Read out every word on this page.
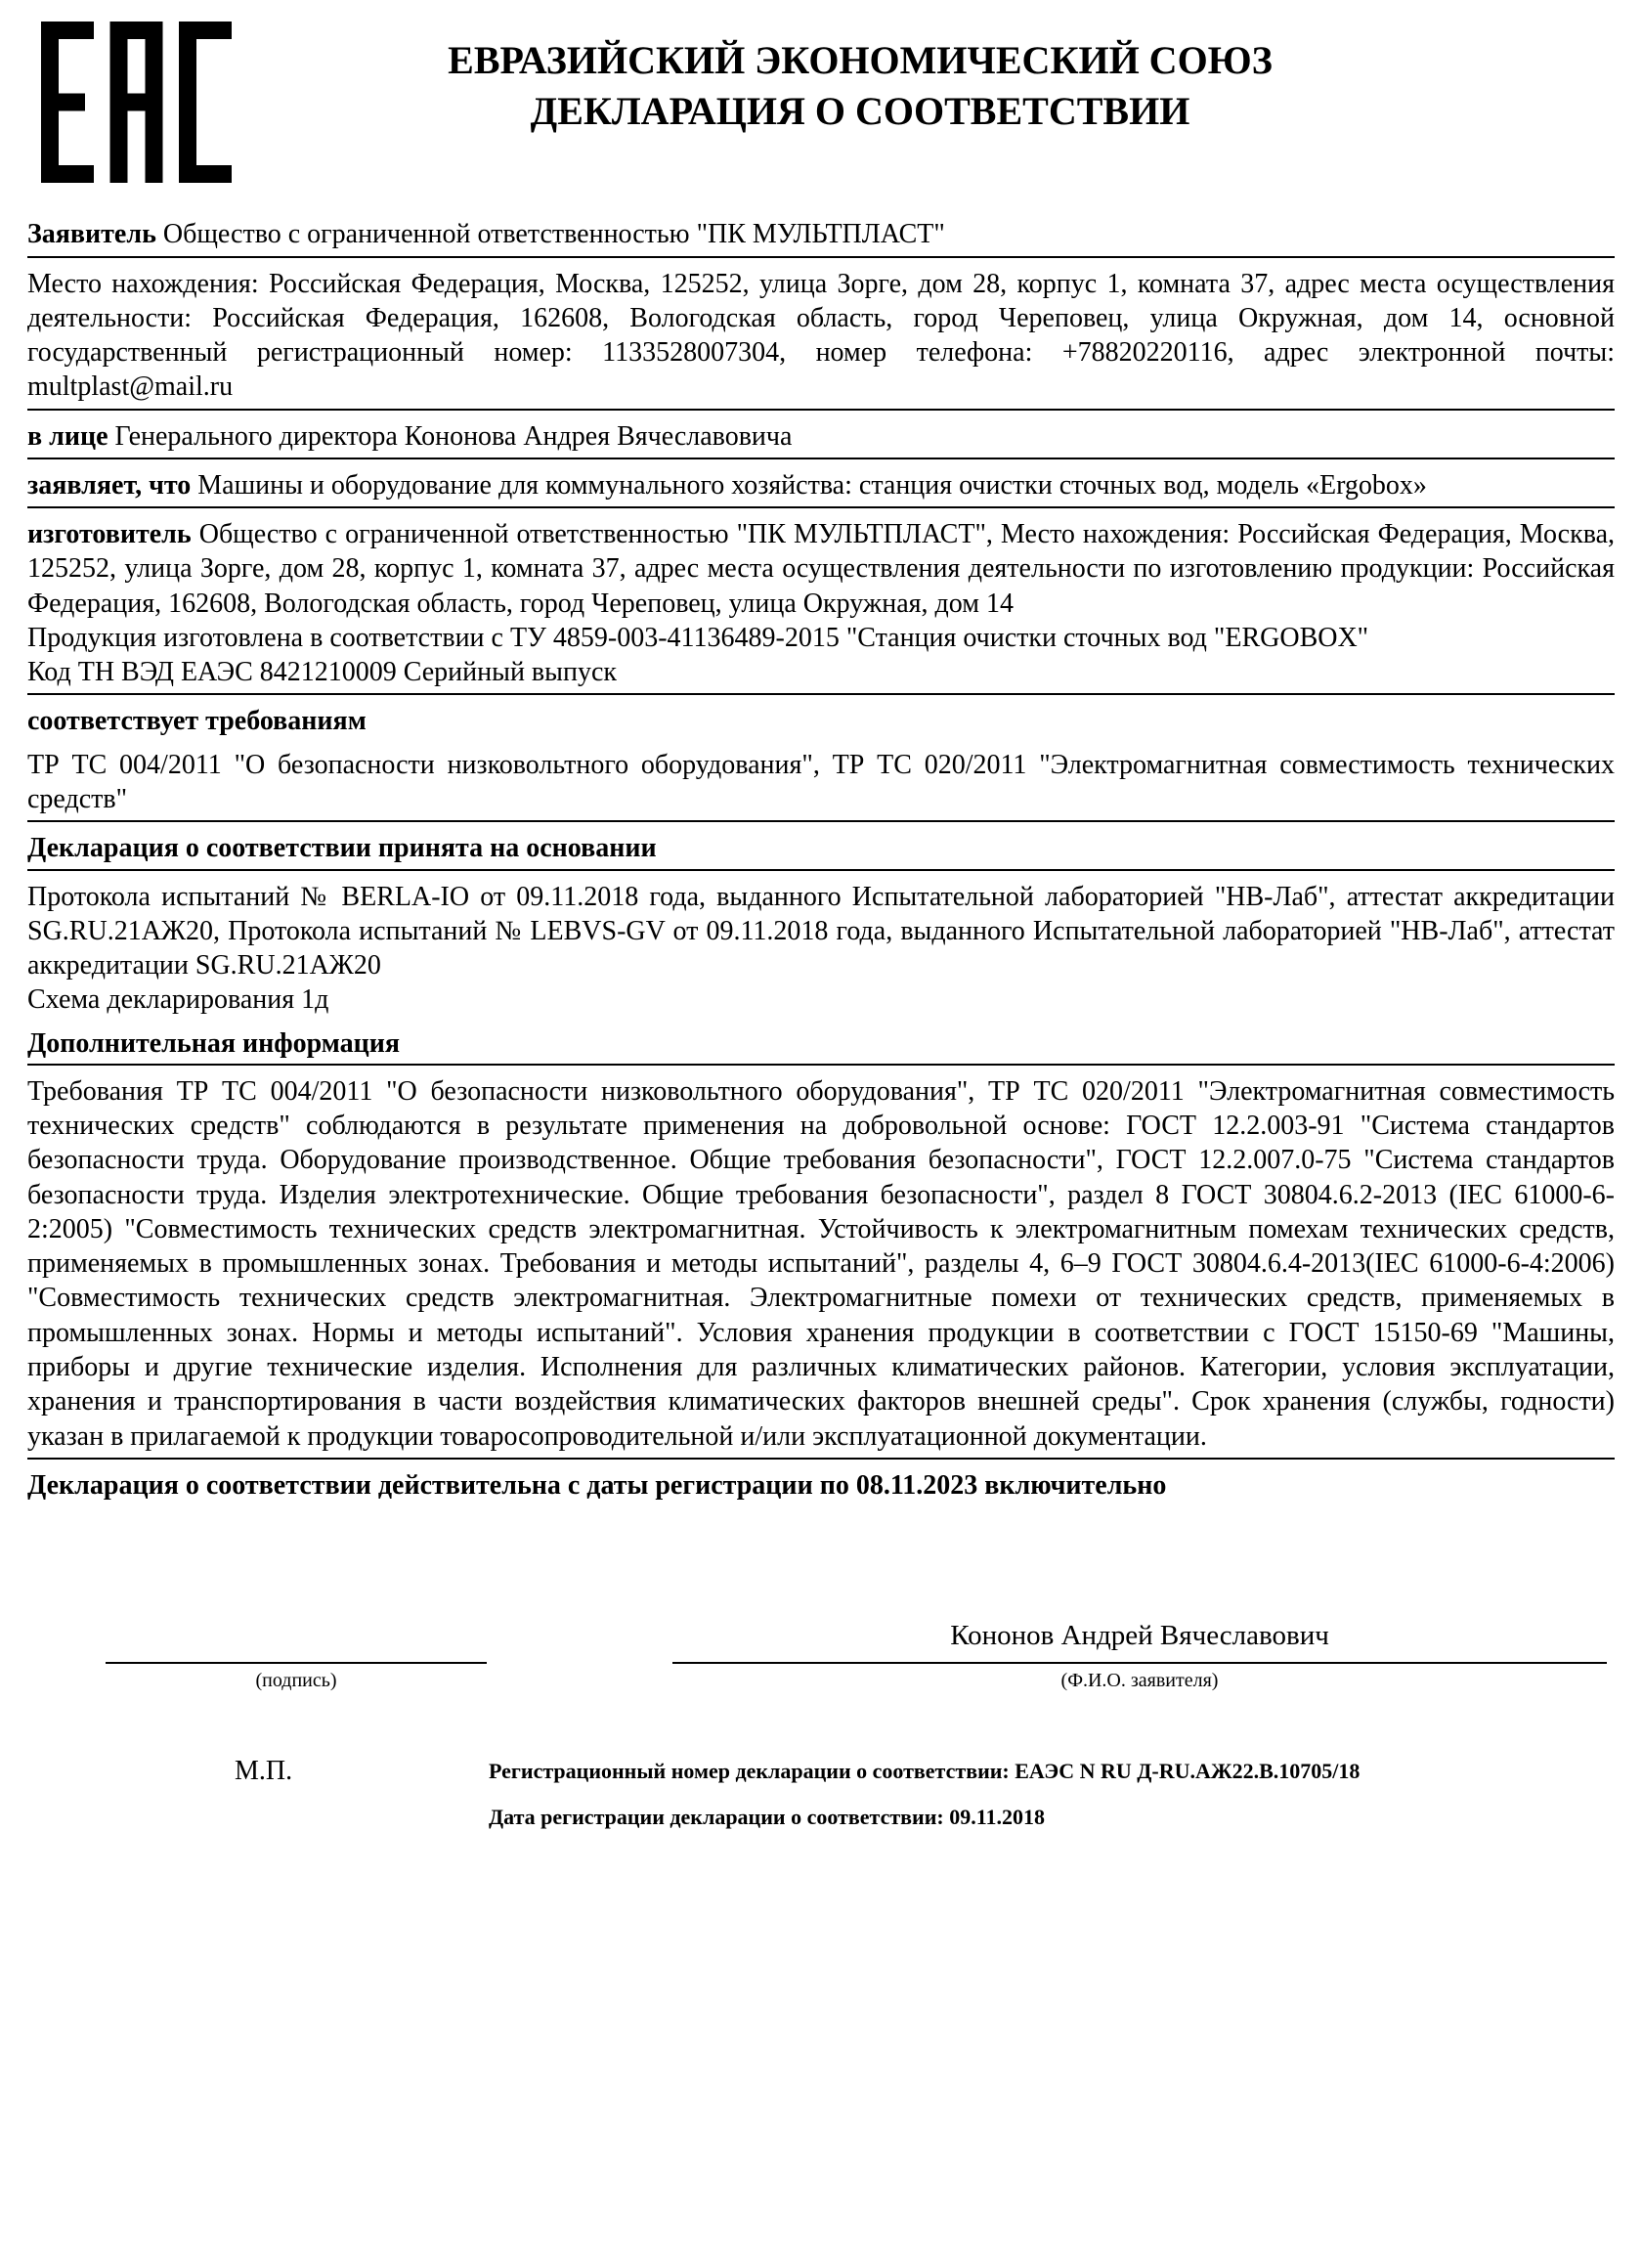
ЕВРАЗИЙСКИЙ ЭКОНОМИЧЕСКИЙ СОЮЗ
ДЕКЛАРАЦИЯ О СООТВЕТСТВИИ

Заявитель Общество с ограниченной ответственностью "ПК МУЛЬТПЛАСТ"

Место нахождения: Российская Федерация, Москва, 125252, улица Зорге, дом 28, корпус 1, комната 37, адрес места осуществления деятельности: Российская Федерация, 162608, Вологодская область, город Череповец, улица Окружная, дом 14, основной государственный регистрационный номер: 1133528007304, номер телефона: +78820220116, адрес электронной почты: multplast@mail.ru

в лице Генерального директора Кононова Андрея Вячеславовича

заявляет, что Машины и оборудование для коммунального хозяйства: станция очистки сточных вод, модель «Ergobox»

изготовитель Общество с ограниченной ответственностью "ПК МУЛЬТПЛАСТ", Место нахождения: Российская Федерация, Москва, 125252, улица Зорге, дом 28, корпус 1, комната 37, адрес места осуществления деятельности по изготовлению продукции: Российская Федерация, 162608, Вологодская область, город Череповец, улица Окружная, дом 14

Продукция изготовлена в соответствии с ТУ 4859-003-41136489-2015 "Станция очистки сточных вод "ERGOBOX"

Код ТН ВЭД ЕАЭС 8421210009 Серийный выпуск

соответствует требованиям

ТР ТС 004/2011 "О безопасности низковольтного оборудования", ТР ТС 020/2011 "Электромагнитная совместимость технических средств"

Декларация о соответствии принята на основании

Протокола испытаний № BERLA-IO от 09.11.2018 года, выданного Испытательной лабораторией "НВ-Лаб", аттестат аккредитации SG.RU.21АЖ20, Протокола испытаний № LEBVS-GV от 09.11.2018 года, выданного Испытательной лабораторией "НВ-Лаб", аттестат аккредитации SG.RU.21АЖ20

Схема декларирования 1д

Дополнительная информация

Требования ТР ТС 004/2011 "О безопасности низковольтного оборудования", ТР ТС 020/2011 "Электромагнитная совместимость технических средств" соблюдаются в результате применения на добровольной основе: ГОСТ 12.2.003-91 "Система стандартов безопасности труда. Оборудование производственное. Общие требования безопасности", ГОСТ 12.2.007.0-75 "Система стандартов безопасности труда. Изделия электротехнические. Общие требования безопасности", раздел 8 ГОСТ 30804.6.2-2013 (IEC 61000-6-2:2005) "Совместимость технических средств электромагнитная. Устойчивость к электромагнитным помехам технических средств, применяемых в промышленных зонах. Требования и методы испытаний", разделы 4, 6–9 ГОСТ 30804.6.4-2013(IEC 61000-6-4:2006) "Совместимость технических средств электромагнитная. Электромагнитные помехи от технических средств, применяемых в промышленных зонах. Нормы и методы испытаний". Условия хранения продукции в соответствии с ГОСТ 15150-69 "Машины, приборы и другие технические изделия. Исполнения для различных климатических районов. Категории, условия эксплуатации, хранения и транспортирования в части воздействия климатических факторов внешней среды". Срок хранения (службы, годности) указан в прилагаемой к продукции товаросопроводительной и/или эксплуатационной документации.

Декларация о соответствии действительна с даты регистрации по 08.11.2023 включительно

(подпись)
Кононов Андрей Вячеславович
(Ф.И.О. заявителя)
М.П.	Регистрационный номер декларации о соответствии: ЕАЭС N RU Д-RU.АЖ22.В.10705/18
Дата регистрации декларации о соответствии: 09.11.2018
